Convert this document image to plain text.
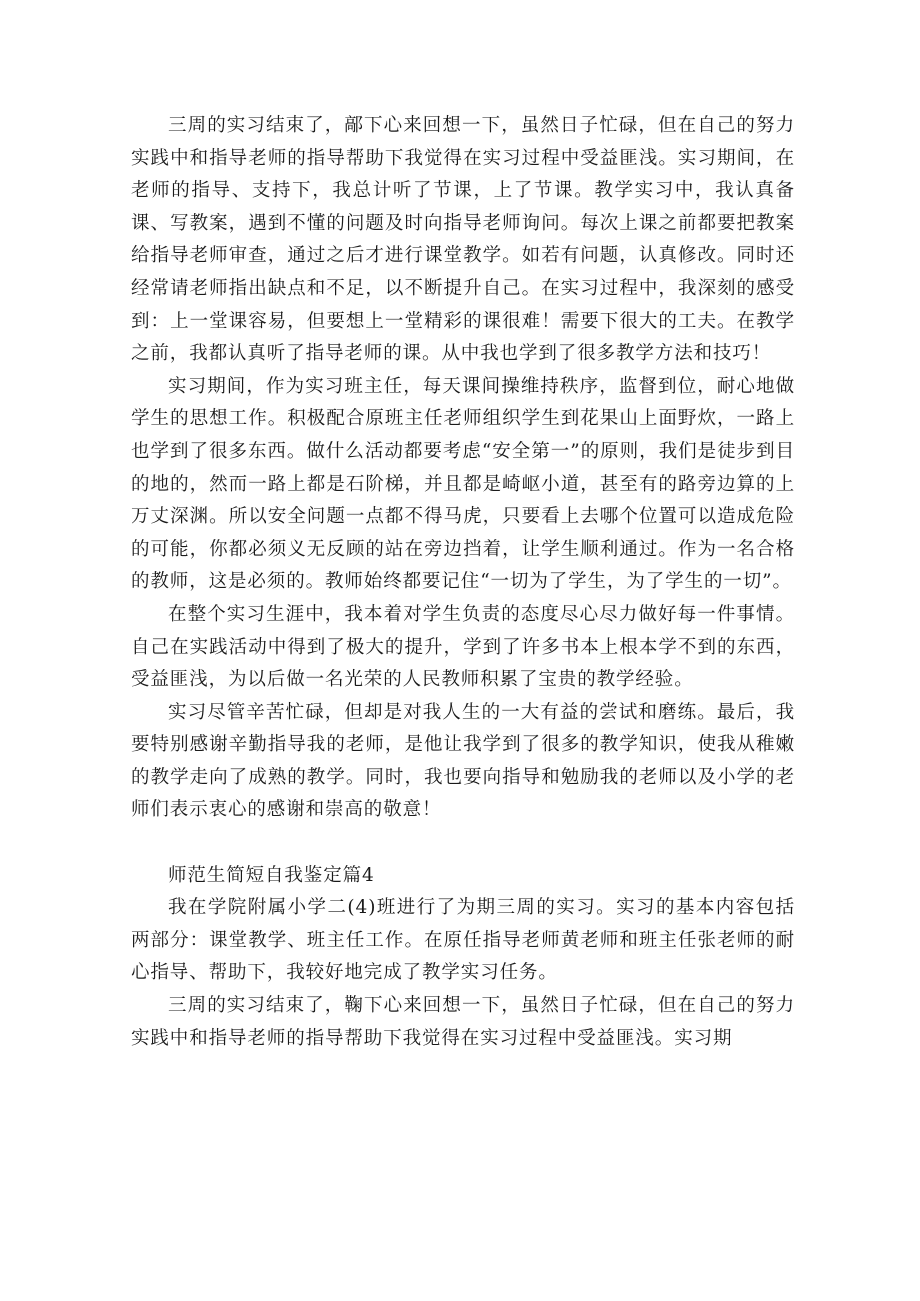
三周的实习结束了，鄗下心来回想一下，虽然日子忙碌，但在自己的努力实践中和指导老师的指导帮助下我觉得在实习过程中受益匪浅。实习期间，在老师的指导、支持下，我总计听了节课，上了节课。教学实习中，我认真备课、写教案，遇到不懂的问题及时向指导老师询问。每次上课之前都要把教案给指导老师审查，通过之后才进行课堂教学。如若有问题，认真修改。同时还经常请老师指出缺点和不足，以不断提升自己。在实习过程中，我深刻的感受到：上一堂课容易，但要想上一堂精彩的课很难！需要下很大的工夫。在教学之前，我都认真听了指导老师的课。从中我也学到了很多教学方法和技巧！

实习期间，作为实习班主任，每天课间操维持秩序，监督到位，耐心地做学生的思想工作。积极配合原班主任老师组织学生到花果山上面野炊，一路上也学到了很多东西。做什么活动都要考虑“安全第一”的原则，我们是徒步到目的地的，然而一路上都是石阶梯，并且都是崎岖小道，甚至有的路旁边算的上万丈深渊。所以安全问题一点都不得马虎，只要看上去哪个位置可以造成危险的可能，你都必须义无反顾的站在旁边挡着，让学生顺利通过。作为一名合格的教师，这是必须的。教师始终都要记住“一切为了学生，为了学生的一切”。

在整个实习生涯中，我本着对学生负责的态度尽心尽力做好每一件事情。自己在实践活动中得到了极大的提升，学到了许多书本上根本学不到的东西，受益匪浅，为以后做一名光荣的人民教师积累了宝贵的教学经验。

实习尽管辛苦忙碌，但却是对我人生的一大有益的尝试和磨练。最后，我要特别感谢辛勤指导我的老师，是他让我学到了很多的教学知识，使我从稚嫩的教学走向了成熟的教学。同时，我也要向指导和勉励我的老师以及小学的老师们表示衷心的感谢和崇高的敬意！

师范生简短自我鉴定篇4

我在学院附属小学二(4)班进行了为期三周的实习。实习的基本内容包括两部分：课堂教学、班主任工作。在原任指导老师黄老师和班主任张老师的耐心指导、帮助下，我较好地完成了教学实习任务。

三周的实习结束了，鞠下心来回想一下，虽然日子忙碌，但在自己的努力实践中和指导老师的指导帮助下我觉得在实习过程中受益匪浅。实习期
